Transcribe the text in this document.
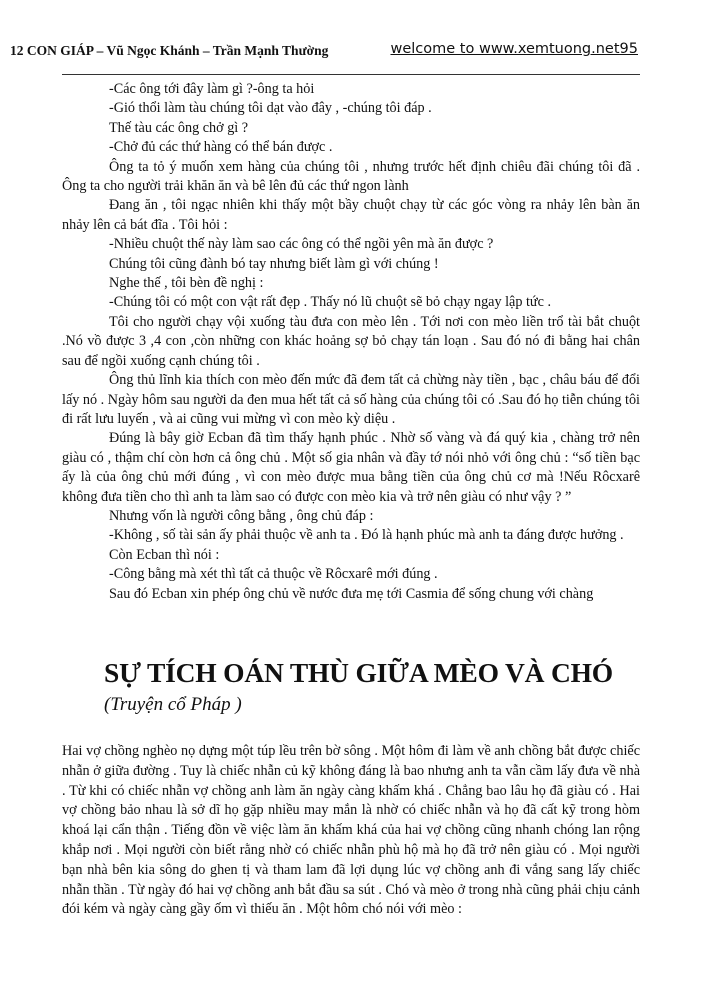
12 CON GIÁP – Vũ Ngọc Khánh – Trần Mạnh Thường	welcome to www.xemtuong.net95

-Các ông tới đây làm gì ?-ông ta hỏi

-Gió thổi làm tàu chúng tôi dạt vào đây , -chúng tôi đáp .

Thế tàu các ông chở gì ?

-Chở đủ các thứ hàng có thể bán được .

Ông ta tỏ ý muốn xem hàng của chúng tôi , nhưng trước hết định chiêu đãi chúng tôi đã . Ông ta cho người trải khăn ăn và bê lên đủ các thứ ngon lành

Đang ăn , tôi ngạc nhiên khi thấy một bầy chuột chạy từ các góc vòng ra nhảy lên bàn ăn nhảy lên cả bát đĩa . Tôi hỏi :

-Nhiều chuột thế này làm sao các ông có thể ngồi yên mà ăn được ?

Chúng tôi cũng đành bó tay nhưng biết làm gì với chúng !

Nghe thế , tôi bèn đề nghị :

-Chúng tôi có một con vật rất đẹp . Thấy nó lũ chuột sẽ bỏ chạy ngay lập tức .

Tôi cho người chạy vội xuống tàu đưa con mèo lên . Tới nơi con mèo liền trổ tài bắt chuột .Nó vồ được 3 ,4 con ,còn những con khác hoảng sợ bỏ chạy tán loạn . Sau đó nó đi bằng hai chân sau để ngồi xuống cạnh chúng tôi .

Ông thủ lĩnh kia thích con mèo đến mức đã đem tất cả chừng này tiền , bạc , châu báu để đổi lấy nó . Ngày hôm sau người da đen mua hết tất cả số hàng của chúng tôi có .Sau đó họ tiễn chúng tôi đi rất lưu luyến , và ai cũng vui mừng vì con mèo kỳ diệu .

Đúng là bây giờ Ecban đã tìm thấy hạnh phúc . Nhờ số vàng và đá quý kia , chàng trở nên giàu có , thậm chí còn hơn cả ông chủ . Một số gia nhân và đầy tớ nói nhỏ với ông chủ : “số tiền bạc ấy là của ông chủ mới đúng , vì con mèo được mua bằng tiền của ông chủ cơ mà !Nếu Rôcxarê không đưa tiền cho thì anh ta làm sao có được con mèo kia và trở nên giàu có như vậy ? ”

Nhưng vốn là người công bằng , ông chủ đáp :

-Không , số tài sản ấy phải thuộc về anh ta . Đó là hạnh phúc mà anh ta đáng được hưởng .

Còn Ecban thì nói :

-Công bằng mà xét thì tất cả thuộc về Rôcxarê mới đúng .

Sau đó Ecban xin phép ông chủ về nước đưa mẹ tới Casmia để sống chung với chàng

SỰ TÍCH OÁN THÙ GIỮA MÈO VÀ CHÓ

(Truyện cổ Pháp )

Hai vợ chồng nghèo nọ dựng một túp lều trên bờ sông . Một hôm đi làm về anh chồng bắt được chiếc nhẫn ở giữa đường . Tuy là chiếc nhẫn củ kỹ không đáng là bao nhưng anh ta vẫn cầm lấy đưa về nhà . Từ khi có chiếc nhẫn vợ chồng anh làm ăn ngày càng khấm khá . Chẳng bao lâu họ đã giàu có . Hai vợ chồng bảo nhau là sở dĩ họ gặp nhiều may mắn là nhờ có chiếc nhẫn và họ đã cất kỹ trong hòm khoá lại cẩn thận . Tiếng đồn về việc làm ăn khấm khá của hai vợ chồng cũng nhanh chóng lan rộng khắp nơi . Mọi người còn biết rằng nhờ có chiếc nhẫn phù hộ mà họ đã trở nên giàu có . Mọi người bạn nhà bên kia sông do ghen tị và tham lam đã lợi dụng lúc vợ chồng anh đi vắng sang lấy chiếc nhẫn thần . Từ ngày đó hai vợ chồng anh bắt đầu sa sút . Chó và mèo ở trong nhà cũng phải chịu cảnh đói kém và ngày càng gầy ốm vì thiếu ăn . Một hôm chó nói với mèo :
